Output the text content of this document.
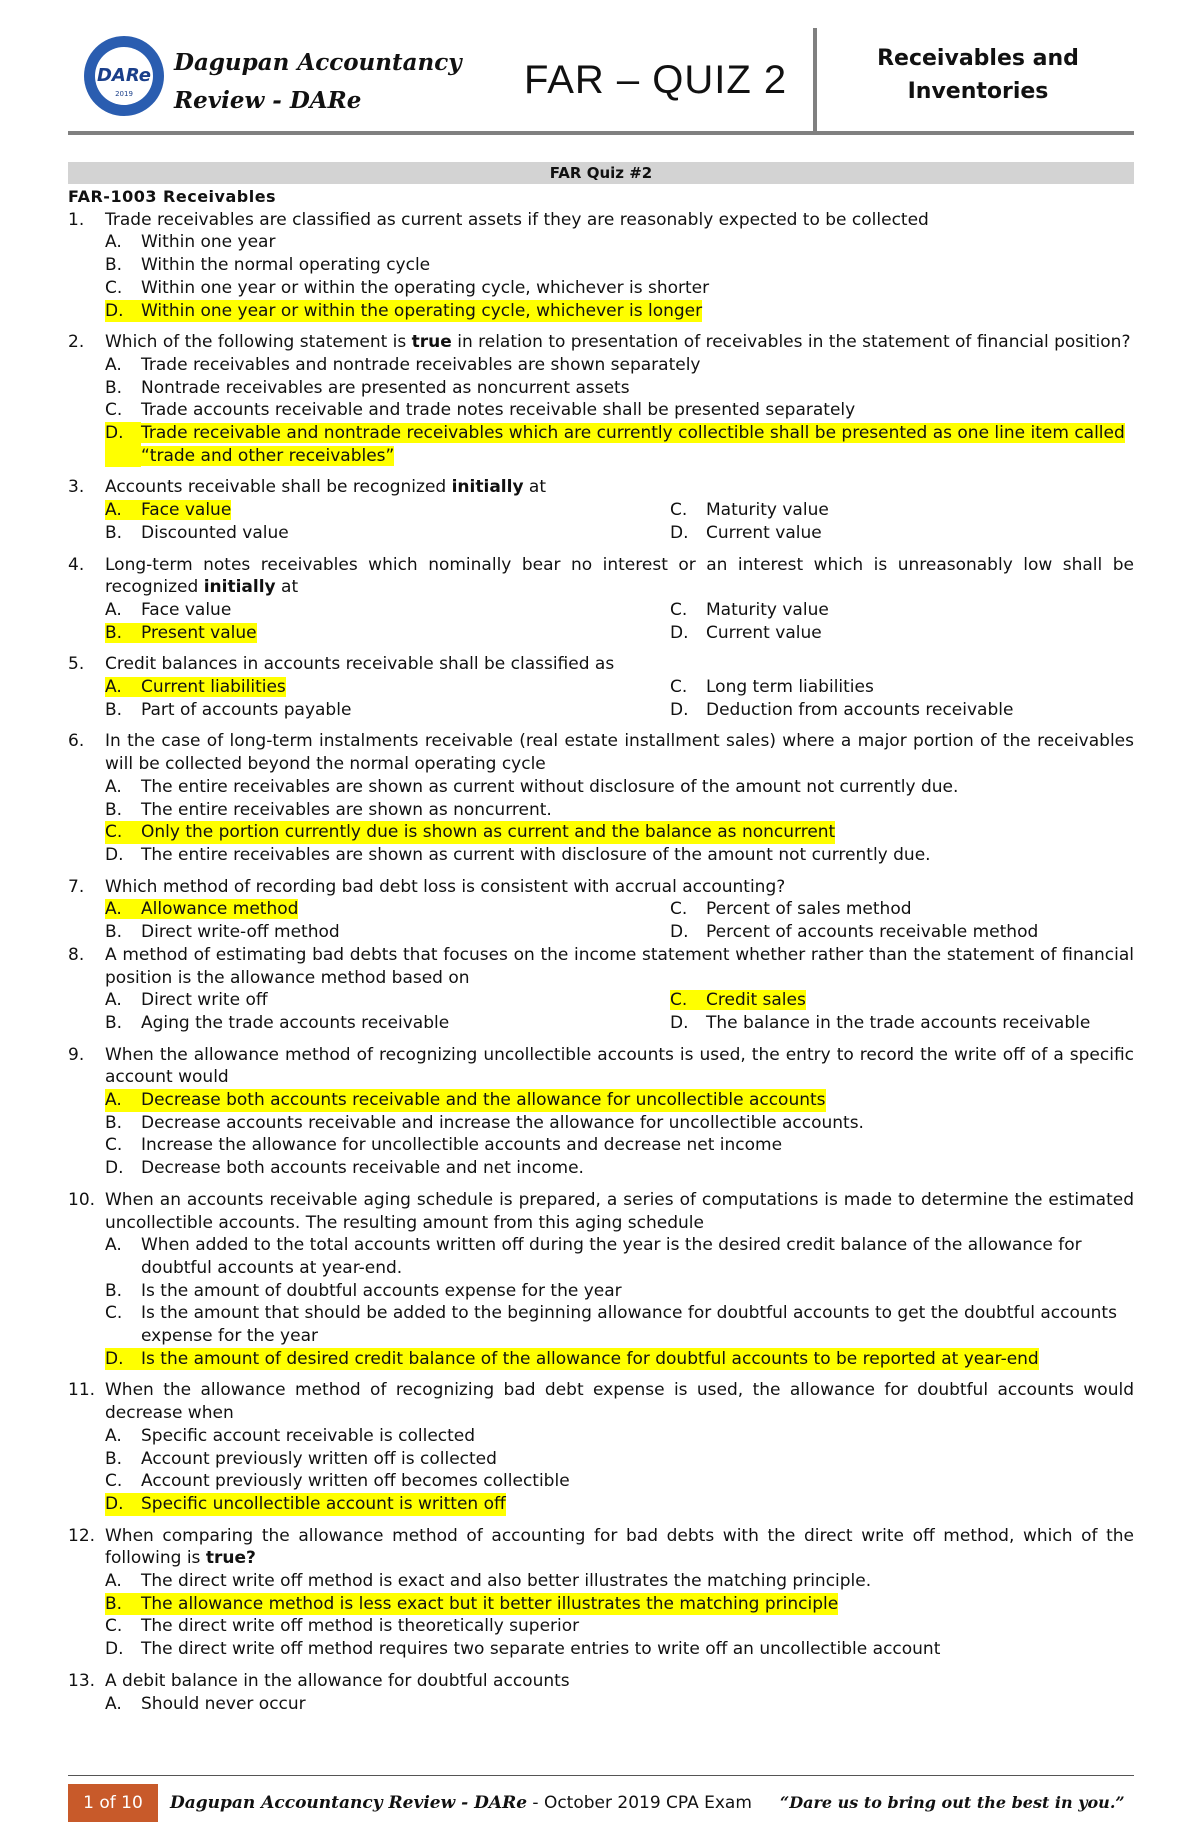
DARe
2019
Dagupan Accountancy
Review - DARe	FAR – QUIZ 2	Receivables and
Inventories
FAR Quiz #2
FAR-1003 Receivables
1.	Trade receivables are classified as current assets if they are reasonably expected to be collected
A.	Within one year
B.	Within the normal operating cycle
C.	Within one year or within the operating cycle, whichever is shorter
D. Within one year or within the operating cycle, whichever is longer
2.	Which of the following statement is true in relation to presentation of receivables in the statement of financial position?
A.	Trade receivables and nontrade receivables are shown separately
B.	Nontrade receivables are presented as noncurrent assets
C.	Trade accounts receivable and trade notes receivable shall be presented separately
D.	Trade receivable and nontrade receivables which are currently collectible shall be presented as one line item called “trade and other receivables”
3.	Accounts receivable shall be recognized initially at
A. Face value	C. Maturity value
B. Discounted value	D. Current value
4.	Long-term notes receivables which nominally bear no interest or an interest which is unreasonably low shall be recognized initially at
A. Face value	C. Maturity value
B. Present value	D. Current value
5.	Credit balances in accounts receivable shall be classified as
A. Current liabilities	C. Long term liabilities
B. Part of accounts payable	D. Deduction from accounts receivable
6.	In the case of long-term instalments receivable (real estate installment sales) where a major portion of the receivables will be collected beyond the normal operating cycle
A.	The entire receivables are shown as current without disclosure of the amount not currently due.
B.	The entire receivables are shown as noncurrent.
C. Only the portion currently due is shown as current and the balance as noncurrent
D.	The entire receivables are shown as current with disclosure of the amount not currently due.
7.	Which method of recording bad debt loss is consistent with accrual accounting?
A. Allowance method	C. Percent of sales method
B. Direct write-off method	D. Percent of accounts receivable method
8.	A method of estimating bad debts that focuses on the income statement whether rather than the statement of financial position is the allowance method based on
A. Direct write off	C. Credit sales
B. Aging the trade accounts receivable	D. The balance in the trade accounts receivable
9.	When the allowance method of recognizing uncollectible accounts is used, the entry to record the write off of a specific account would
A. Decrease both accounts receivable and the allowance for uncollectible accounts
B.	Decrease accounts receivable and increase the allowance for uncollectible accounts.
C.	Increase the allowance for uncollectible accounts and decrease net income
D.	Decrease both accounts receivable and net income.
10. When an accounts receivable aging schedule is prepared, a series of computations is made to determine the estimated uncollectible accounts. The resulting amount from this aging schedule
A.	When added to the total accounts written off during the year is the desired credit balance of the allowance for doubtful accounts at year-end.
B.	Is the amount of doubtful accounts expense for the year
C.	Is the amount that should be added to the beginning allowance for doubtful accounts to get the doubtful accounts expense for the year
D. Is the amount of desired credit balance of the allowance for doubtful accounts to be reported at year-end
11. When the allowance method of recognizing bad debt expense is used, the allowance for doubtful accounts would decrease when
A.	Specific account receivable is collected
B.	Account previously written off is collected
C.	Account previously written off becomes collectible
D. Specific uncollectible account is written off
12. When comparing the allowance method of accounting for bad debts with the direct write off method, which of the following is true?
A.	The direct write off method is exact and also better illustrates the matching principle.
B. The allowance method is less exact but it better illustrates the matching principle
C.	The direct write off method is theoretically superior
D.	The direct write off method requires two separate entries to write off an uncollectible account
13. A debit balance in the allowance for doubtful accounts
A.	Should never occur
1 of 10	Dagupan Accountancy Review - DARe - October 2019 CPA Exam “Dare us to bring out the best in you.”
